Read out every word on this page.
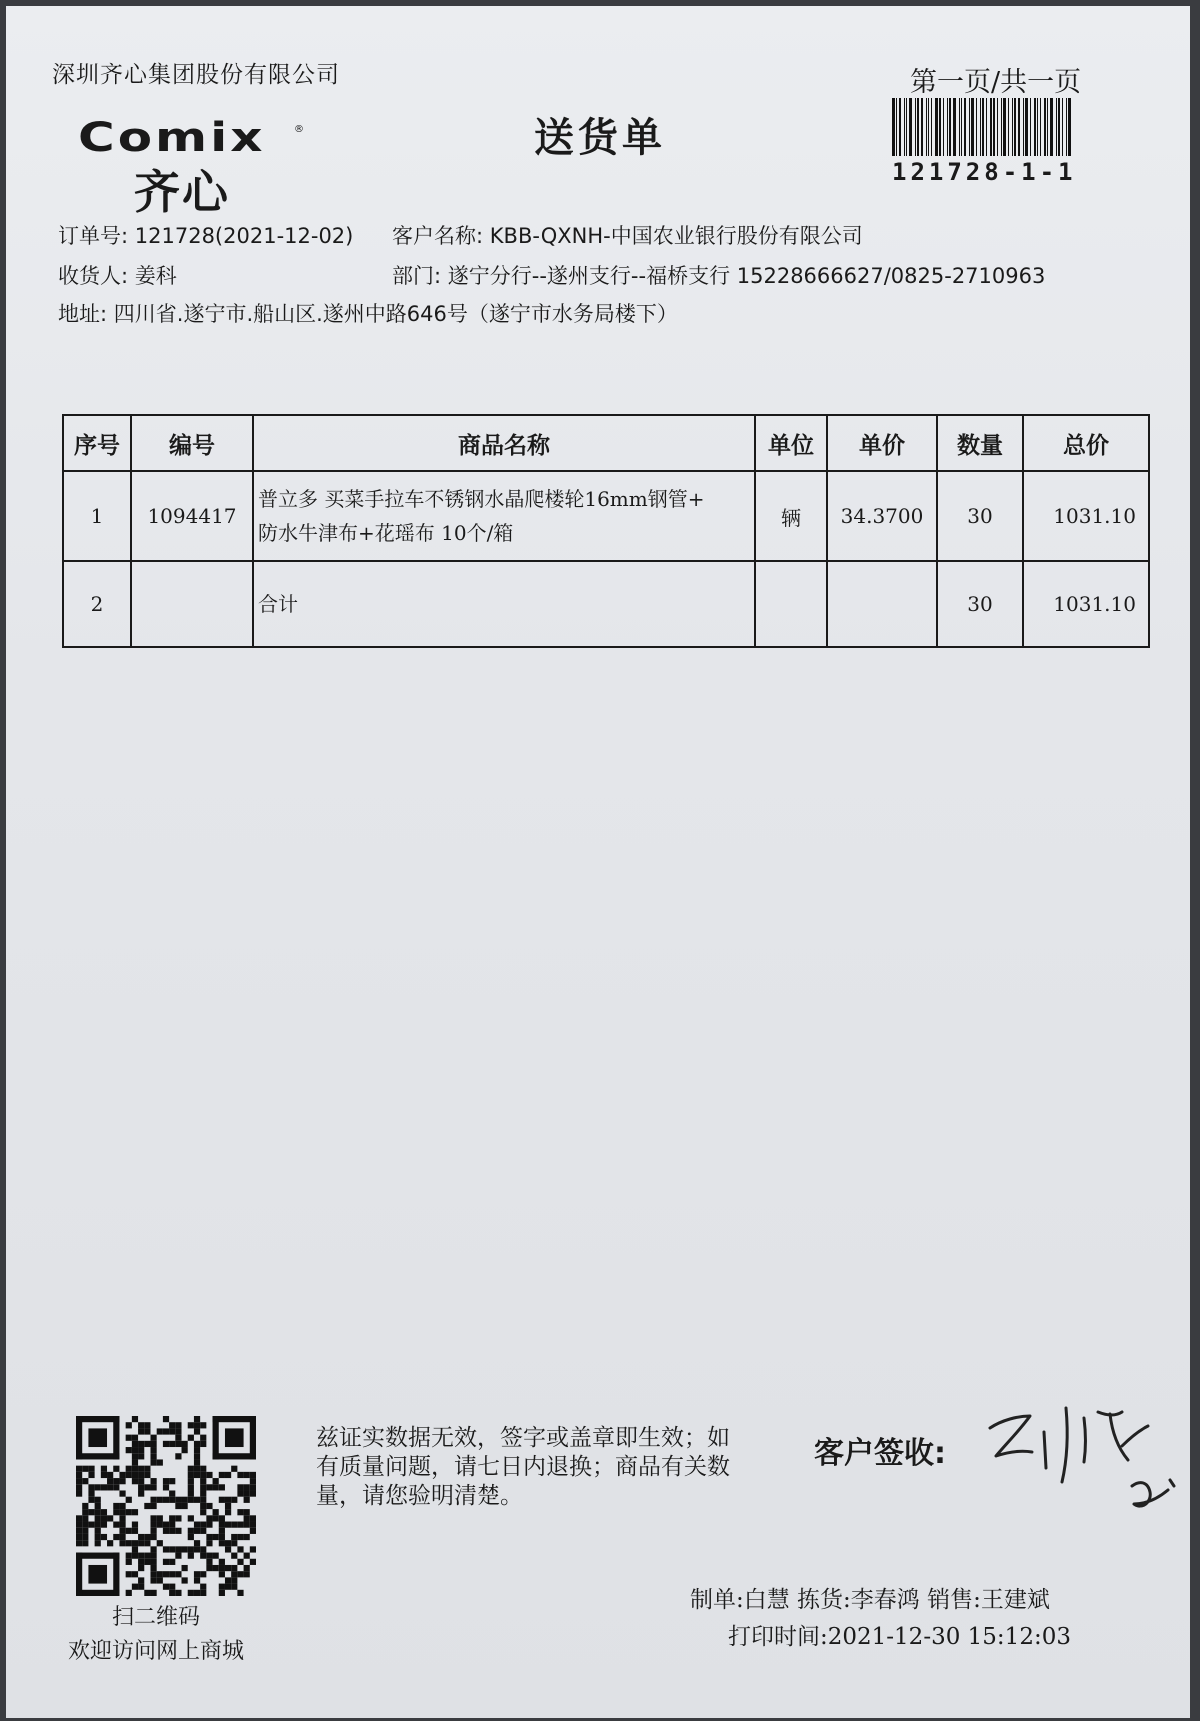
深圳齐心集团股份有限公司	第一页/共一页
Comix	®
齐心
送货单
121728-1-1
订单号: 121728(2021-12-02) 客户名称: KBB-QXNH-中国农业银行股份有限公司
收货人: 姜科	部门: 遂宁分行--遂州支行--福桥支行 15228666627/0825-2710963
地址: 四川省.遂宁市.船山区.遂州中路646号（遂宁市水务局楼下）
序号	编号	商品名称	单位	单价	数量	总价
1	1094417	普立多 买菜手拉车不锈钢水晶爬楼轮16mm钢管+
防水牛津布+花瑶布 10个/箱	辆	34.3700	30	1031.10
2		合计			30	1031.10
扫二维码
欢迎访问网上商城
兹证实数据无效，签字或盖章即生效；如有质量问题，请七日内退换；商品有关数量，请您验明清楚。
客户签收:
制单:白慧 拣货:李春鸿 销售:王建斌
打印时间:2021-12-30 15:12:03
